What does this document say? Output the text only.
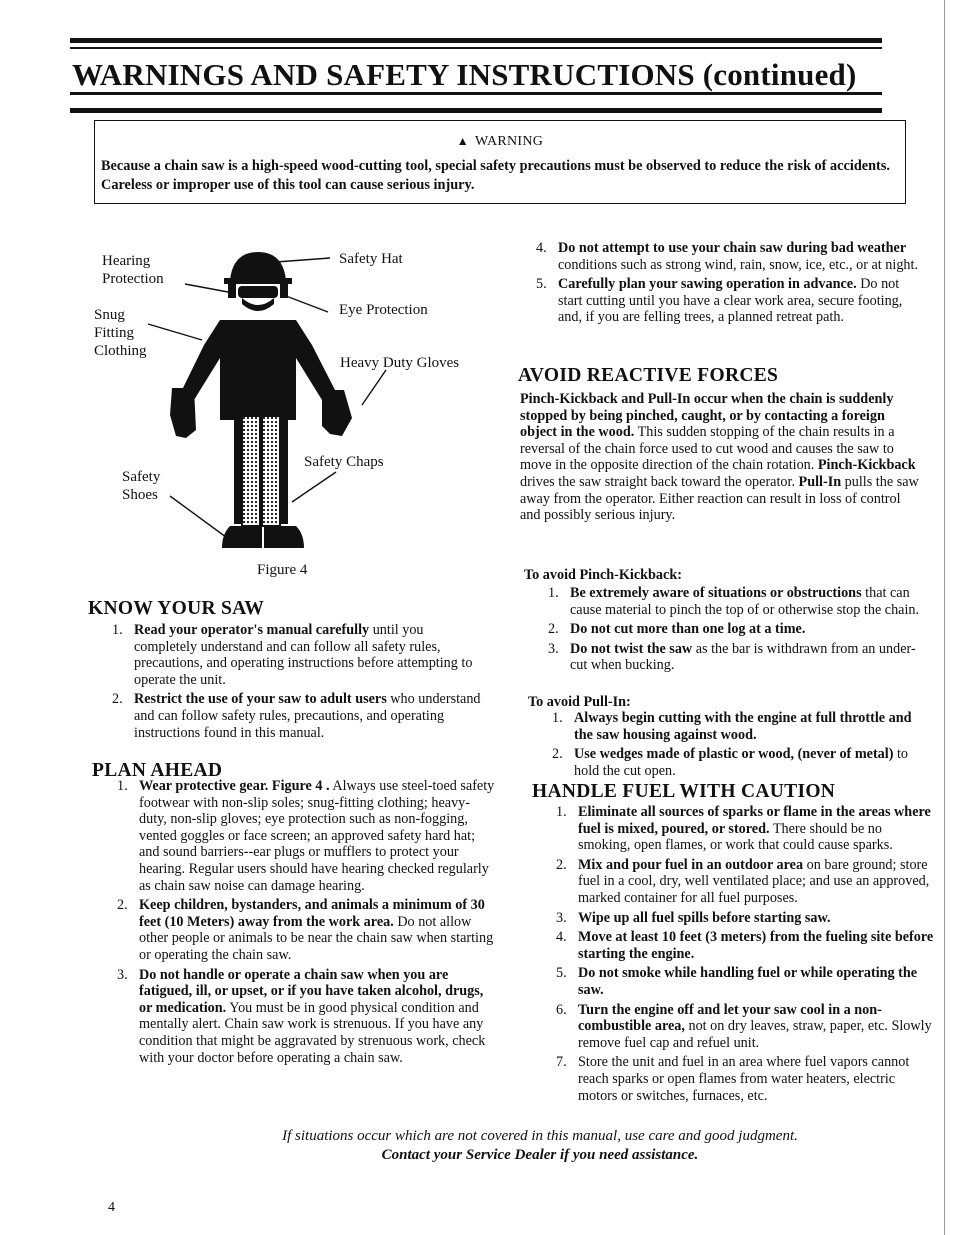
WARNINGS AND SAFETY INSTRUCTIONS (continued)
▲ WARNING
Because a chain saw is a high-speed wood-cutting tool, special safety precautions must be observed to reduce the risk of accidents. Careless or improper use of this tool can cause serious injury.
Hearing Protection
Safety Hat
Snug Fitting Clothing
Eye Protection
Heavy Duty Gloves
Safety Chaps
Safety Shoes
Figure 4
KNOW YOUR SAW
1. Read your operator's manual carefully until you completely understand and can follow all safety rules, precautions, and operating instructions before attempting to operate the unit.
2. Restrict the use of your saw to adult users who understand and can follow safety rules, precautions, and operating instructions found in this manual.
PLAN AHEAD
1. Wear protective gear. Figure 4 . Always use steel-toed safety footwear with non-slip soles; snug-fitting clothing; heavy-duty, non-slip gloves; eye protection such as non-fogging, vented goggles or face screen; an approved safety hard hat; and sound barriers--ear plugs or mufflers to protect your hearing. Regular users should have hearing checked regularly as chain saw noise can damage hearing.
2. Keep children, bystanders, and animals a minimum of 30 feet (10 Meters) away from the work area. Do not allow other people or animals to be near the chain saw when starting or operating the chain saw.
3. Do not handle or operate a chain saw when you are fatigued, ill, or upset, or if you have taken alcohol, drugs, or medication. You must be in good physical condition and mentally alert. Chain saw work is strenuous. If you have any condition that might be aggravated by strenuous work, check with your doctor before operating a chain saw.
4. Do not attempt to use your chain saw during bad weather conditions such as strong wind, rain, snow, ice, etc., or at night.
5. Carefully plan your sawing operation in advance. Do not start cutting until you have a clear work area, secure footing, and, if you are felling trees, a planned retreat path.
AVOID REACTIVE FORCES
Pinch-Kickback and Pull-In occur when the chain is suddenly stopped by being pinched, caught, or by contacting a foreign object in the wood. This sudden stopping of the chain results in a reversal of the chain force used to cut wood and causes the saw to move in the opposite direction of the chain rotation. Pinch-Kickback drives the saw straight back toward the operator. Pull-In pulls the saw away from the operator. Either reaction can result in loss of control and possibly serious injury.
To avoid Pinch-Kickback:
1. Be extremely aware of situations or obstructions that can cause material to pinch the top of or otherwise stop the chain.
2. Do not cut more than one log at a time.
3. Do not twist the saw as the bar is withdrawn from an under-cut when bucking.
To avoid Pull-In:
1. Always begin cutting with the engine at full throttle and the saw housing against wood.
2. Use wedges made of plastic or wood, (never of metal) to hold the cut open.
HANDLE FUEL WITH CAUTION
1. Eliminate all sources of sparks or flame in the areas where fuel is mixed, poured, or stored. There should be no smoking, open flames, or work that could cause sparks.
2. Mix and pour fuel in an outdoor area on bare ground; store fuel in a cool, dry, well ventilated place; and use an approved, marked container for all fuel purposes.
3. Wipe up all fuel spills before starting saw.
4. Move at least 10 feet (3 meters) from the fueling site before starting the engine.
5. Do not smoke while handling fuel or while operating the saw.
6. Turn the engine off and let your saw cool in a non-combustible area, not on dry leaves, straw, paper, etc. Slowly remove fuel cap and refuel unit.
7. Store the unit and fuel in an area where fuel vapors cannot reach sparks or open flames from water heaters, electric motors or switches, furnaces, etc.
If situations occur which are not covered in this manual, use care and good judgment.
Contact your Service Dealer if you need assistance.
4
